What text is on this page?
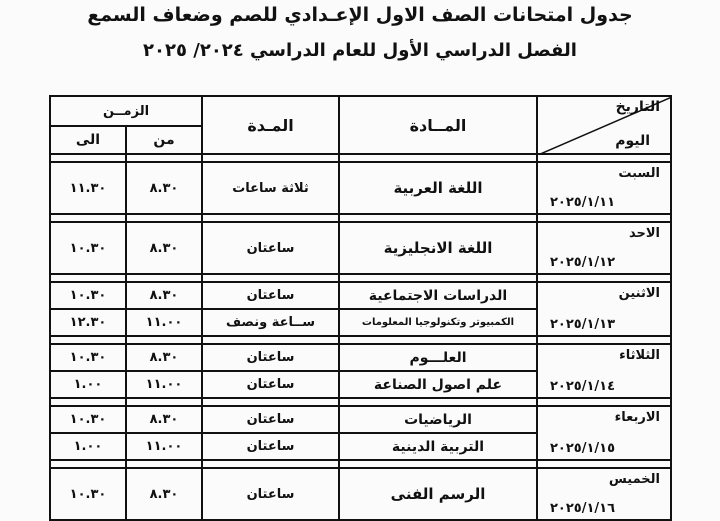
جدول امتحانات الصف الاول الإعـدادي للصم وضعاف السمع
الفصل الدراسي الأول للعام الدراسي ٢٠٢٤/ ٢٠٢٥
التاريخ
اليوم	المــادة	المـدة	الزمــن	
			من	الى

السبت
٢٠٢٥/١/١١	اللغة العربية	ثلاثة ساعات	٨.٣٠	١١.٣٠

الاحد
٢٠٢٥/١/١٢	اللغة الانجليزية	ساعتان	٨.٣٠	١٠.٣٠

الاثنين
٢٠٢٥/١/١٣	الدراسات الاجتماعية	ساعتان	٨.٣٠	١٠.٣٠
	الكمبيوتر وتكنولوجيا المعلومات	ســاعة ونصف	١١.٠٠	١٢.٣٠

الثلاثاء
٢٠٢٥/١/١٤	العلـــوم	ساعتان	٨.٣٠	١٠.٣٠
	علم اصول الصناعة	ساعتان	١١.٠٠	١.٠٠

الاربعاء
٢٠٢٥/١/١٥	الرياضيات	ساعتان	٨.٣٠	١٠.٣٠
	التربية الدينية	ساعتان	١١.٠٠	١.٠٠

الخميس
٢٠٢٥/١/١٦	الرسم الفنى	ساعتان	٨.٣٠	١٠.٣٠
